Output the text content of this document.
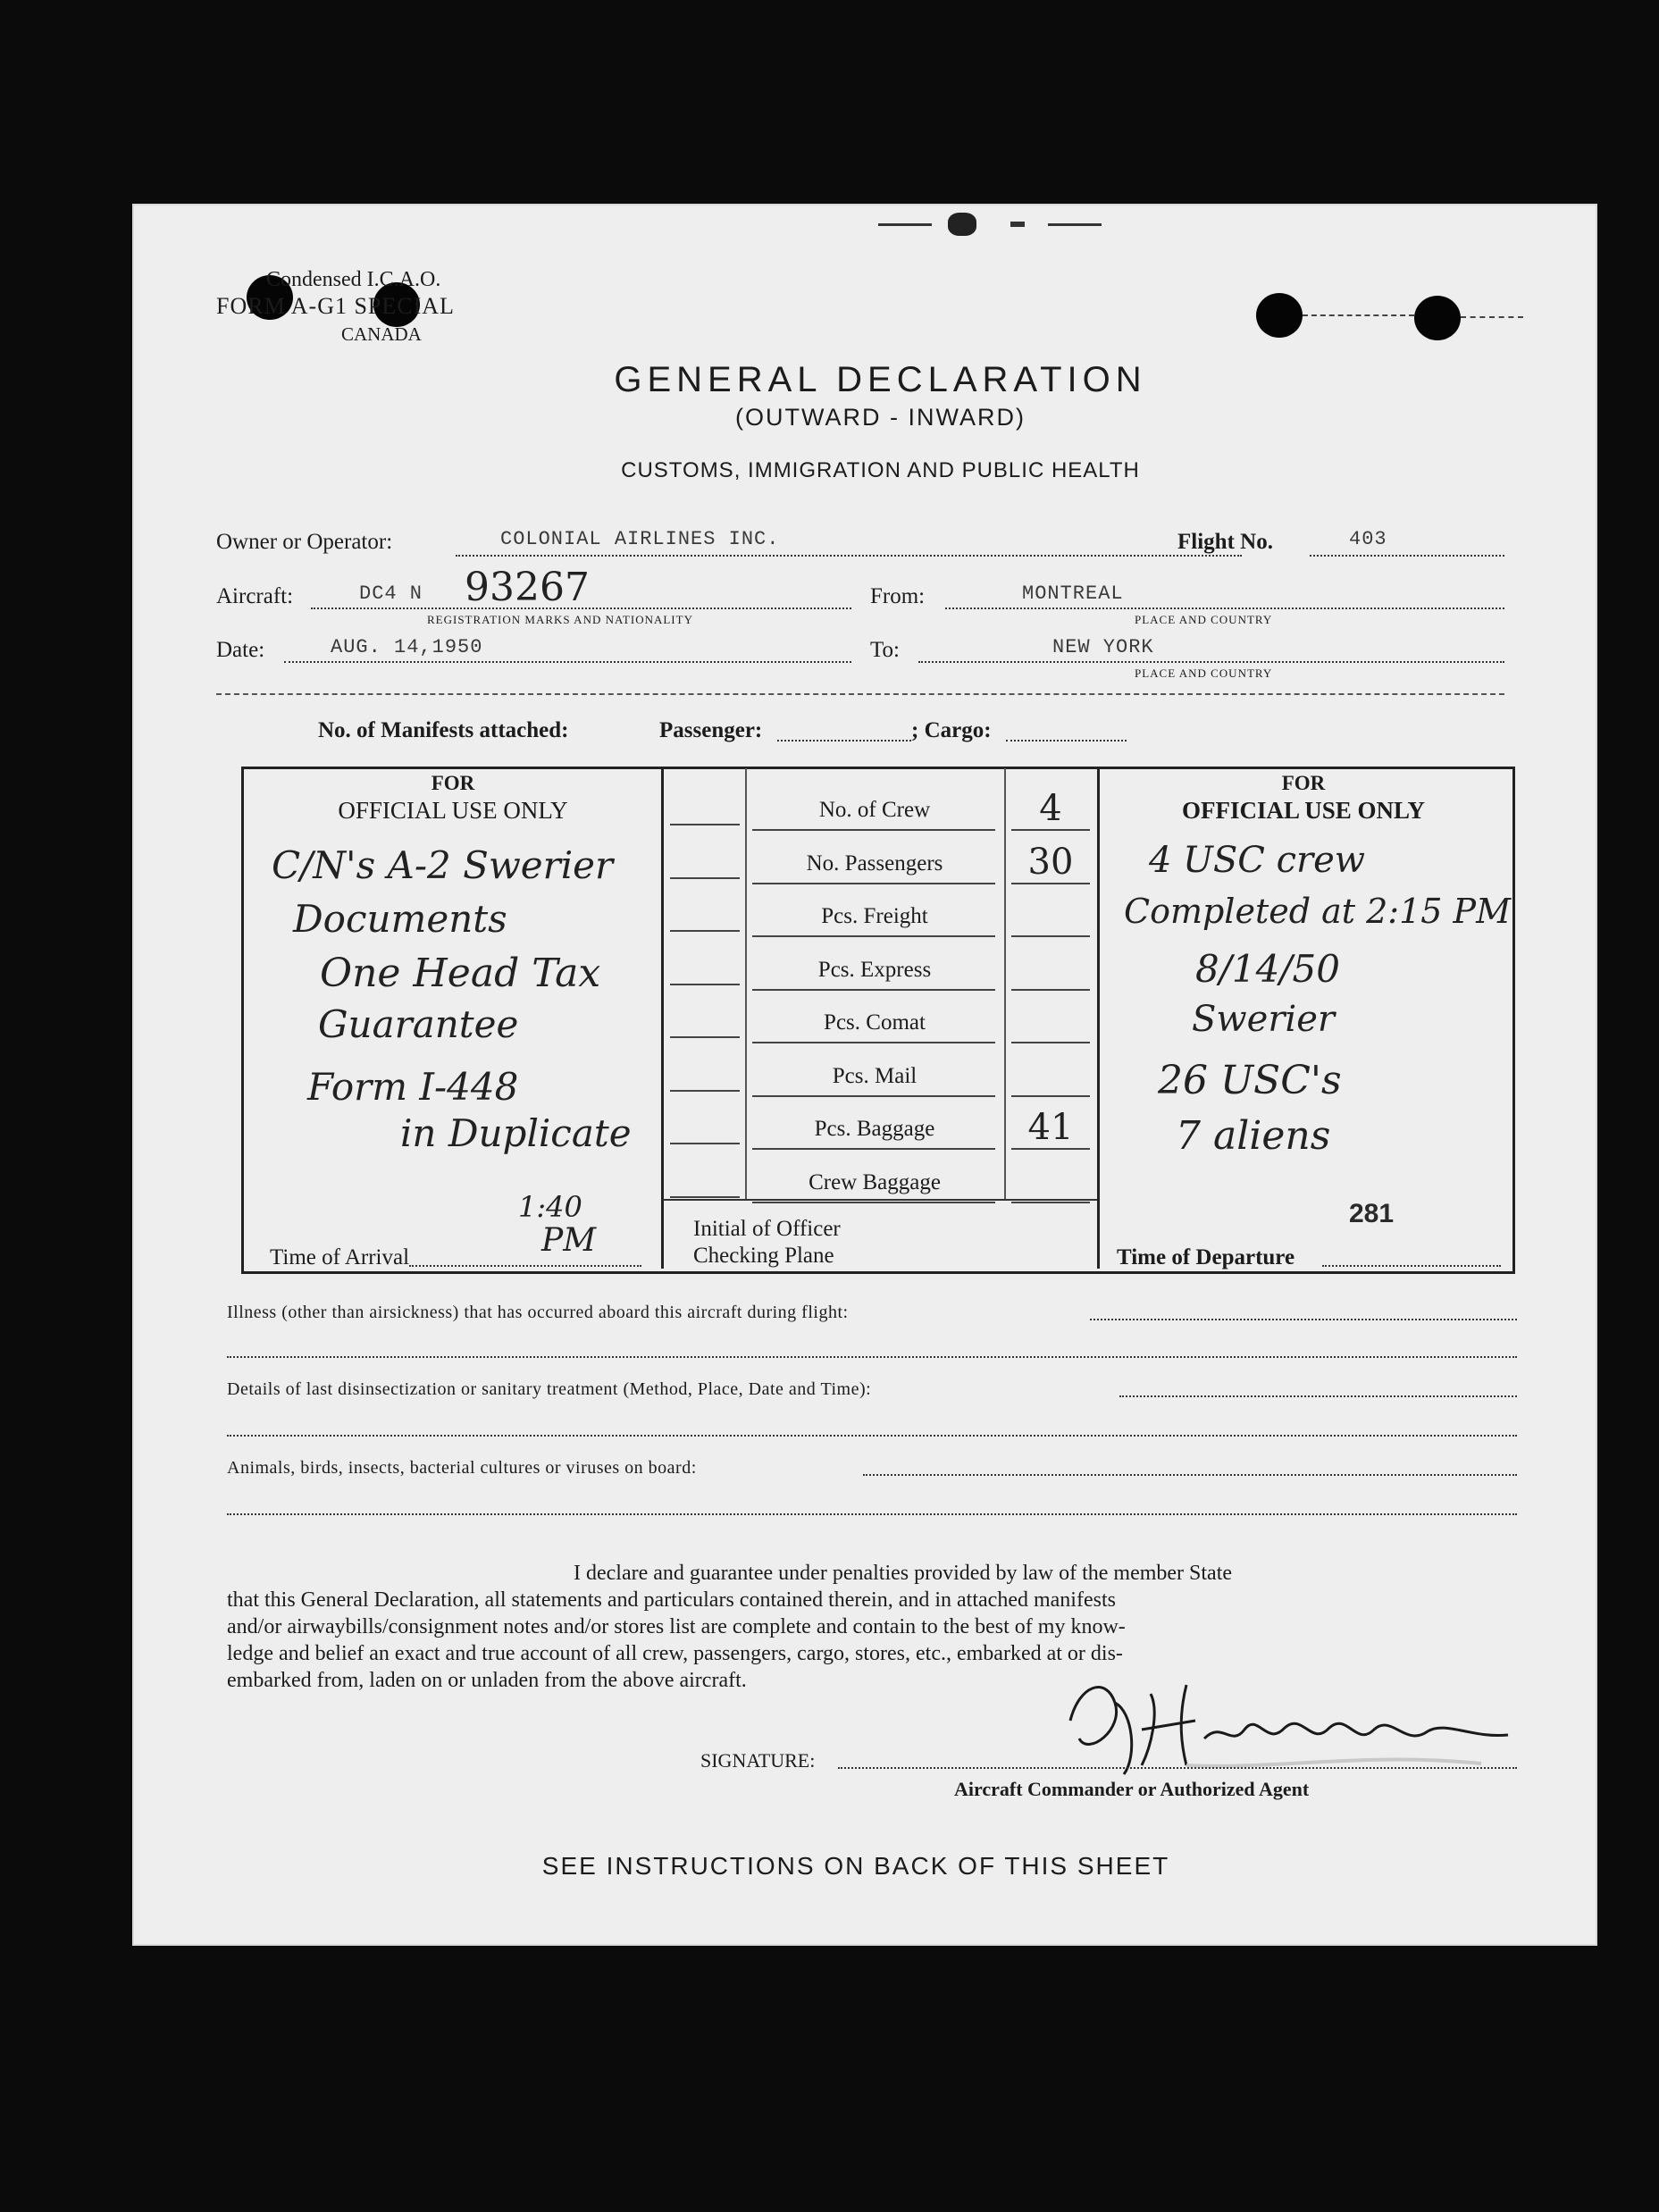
Condensed I.C.A.O.
FORM A-G1 SPECIAL
CANADA
GENERAL DECLARATION
(OUTWARD - INWARD)
CUSTOMS, IMMIGRATION AND PUBLIC HEALTH
Owner or Operator:	COLONIAL AIRLINES INC.	Flight No.	403
Aircraft:	DC4 N 93267
REGISTRATION MARKS AND NATIONALITY
From:	MONTREAL
PLACE AND COUNTRY
Date:	AUG. 14,1950	To:	NEW YORK
PLACE AND COUNTRY
No. of Manifests attached:	Passenger:	; Cargo:
FOR
OFFICIAL USE ONLY
FOR
OFFICIAL USE ONLY
No. of Crew	4
No. Passengers	30
Pcs. Freight
Pcs. Express
Pcs. Comat
Pcs. Mail
Pcs. Baggage	41
Crew Baggage
C/N's A-2 Swerier
Documents
One Head Tax
Guarantee
Form I-448
in Duplicate
4 USC crew
Completed at 2:15 PM
8/14/50
Swerier
26 USC's
7 aliens
281
Time of Arrival
1:40
PM	Initial of Officer
Checking Plane	Time of Departure
Illness (other than airsickness) that has occurred aboard this aircraft during flight:
Details of last disinsectization or sanitary treatment (Method, Place, Date and Time):
Animals, birds, insects, bacterial cultures or viruses on board:
I declare and guarantee under penalties provided by law of the member State
that this General Declaration, all statements and particulars contained therein, and in attached manifests
and/or airwaybills/consignment notes and/or stores list are complete and contain to the best of my know-
ledge and belief an exact and true account of all crew, passengers, cargo, stores, etc., embarked at or dis-
embarked from, laden on or unladen from the above aircraft.
SIGNATURE:
Aircraft Commander or Authorized Agent
SEE INSTRUCTIONS ON BACK OF THIS SHEET
